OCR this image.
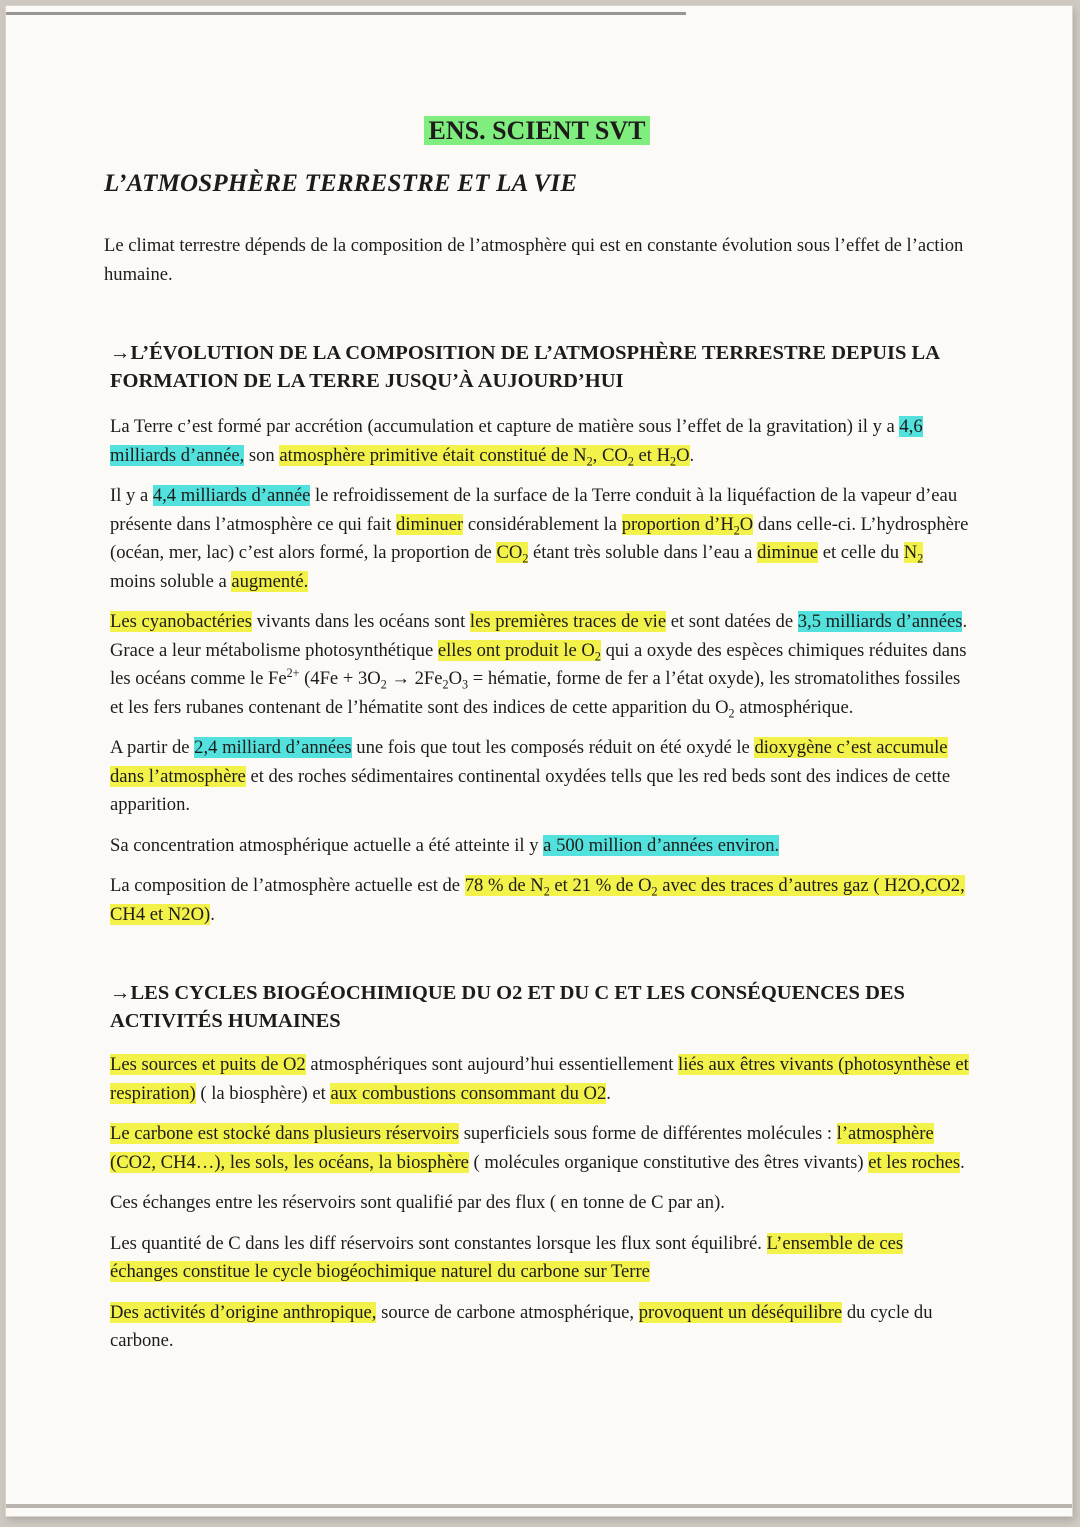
ENS. SCIENT SVT
L’ATMOSPHÈRE TERRESTRE ET LA VIE

Le climat terrestre dépends de la composition de l’atmosphère qui est en constante évolution sous l’effet de l’action humaine.

→L’ÉVOLUTION DE LA COMPOSITION DE L’ATMOSPHÈRE TERRESTRE DEPUIS LA FORMATION DE LA TERRE JUSQU’À AUJOURD’HUI

La Terre c’est formé par accrétion (accumulation et capture de matière sous l’effet de la gravitation) il y a 4,6 milliards d’année, son atmosphère primitive était constitué de $N_2$, $CO_2$ et $H_2O$.

Il y a 4,4 milliards d’année le refroidissement de la surface de la Terre conduit à la liquéfaction de la vapeur d’eau présente dans l’atmosphère ce qui fait diminuer considérablement la proportion $d’H_2O$ dans celle-ci. L’hydrosphère (océan, mer, lac) c’est alors formé, la proportion de $CO_2$ étant très soluble dans l’eau a diminue et celle du $N_2$ moins soluble a augmenté.

Les cyanobactéries vivants dans les océans sont les premières traces de vie et sont datées de 3,5 milliards d’années. Grace a leur métabolisme photosynthétique elles ont produit le $O_2$ qui a oxyde des espèces chimiques réduites dans les océans comme le $Fe^{2+}$ ($4Fe + 3O_2 \to 2Fe_2O_3$ = hématie, forme de fer a l’état oxyde), les stromatolithes fossiles et les fers rubanes contenant de l’hématite sont des indices de cette apparition du $O_2$ atmosphérique.

A partir de 2,4 milliard d’années une fois que tout les composés réduit on été oxydé le dioxygène c’est accumule dans l’atmosphère et des roches sédimentaires continental oxydées tells que les red beds sont des indices de cette apparition.

Sa concentration atmosphérique actuelle a été atteinte il y a 500 million d’années environ.

La composition de l’atmosphère actuelle est de 78 % de $N_2$ et 21 % de $O_2$ avec des traces d’autres gaz ( H2O,CO2, CH4 et N2O).

→LES CYCLES BIOGÉOCHIMIQUE DU O2 ET DU C ET LES CONSÉQUENCES DES ACTIVITÉS HUMAINES

Les sources et puits de O2 atmosphériques sont aujourd’hui essentiellement liés aux êtres vivants (photosynthèse et respiration) ( la biosphère) et aux combustions consommant du O2.

Le carbone est stocké dans plusieurs réservoirs superficiels sous forme de différentes molécules : l’atmosphère (CO2, CH4…), les sols, les océans, la biosphère ( molécules organique constitutive des êtres vivants) et les roches.

Ces échanges entre les réservoirs sont qualifié par des flux ( en tonne de C par an).

Les quantité de C dans les diff réservoirs sont constantes lorsque les flux sont équilibré. L’ensemble de ces échanges constitue le cycle biogéochimique naturel du carbone sur Terre

Des activités d’origine anthropique, source de carbone atmosphérique, provoquent un déséquilibre du cycle du carbone.
